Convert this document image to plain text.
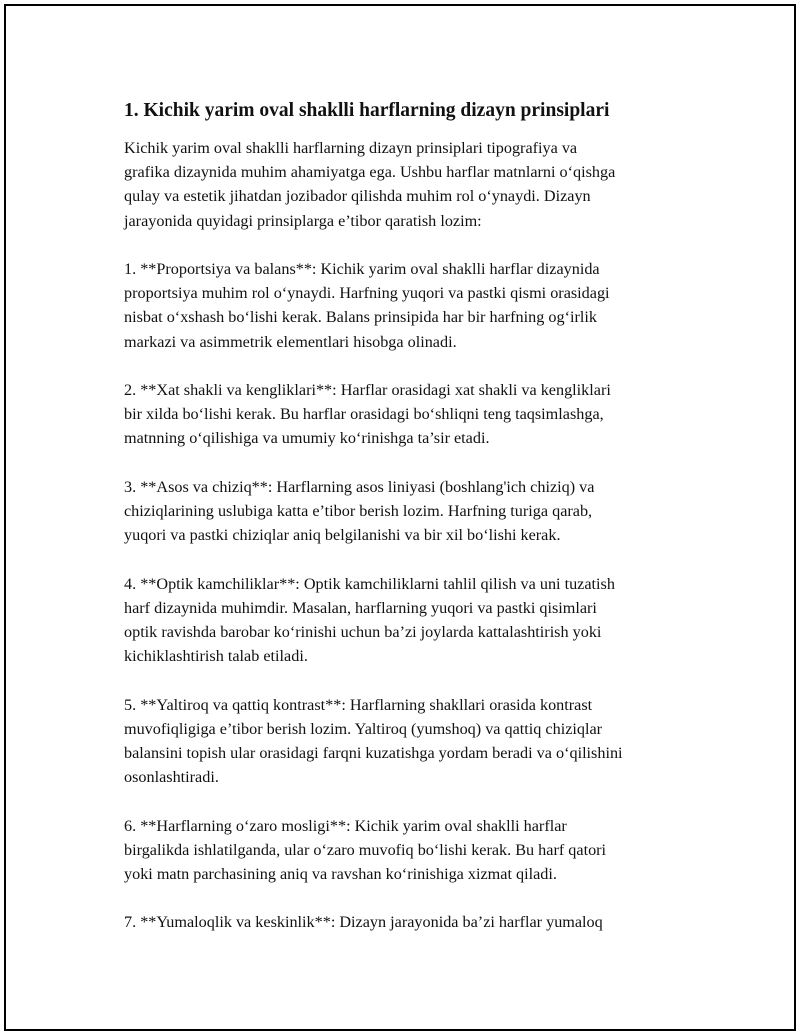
1. Kichik yarim oval shaklli harflarning dizayn prinsiplari

Kichik yarim oval shaklli harflarning dizayn prinsiplari tipografiya va
grafika dizaynida muhim ahamiyatga ega. Ushbu harflar matnlarni o‘qishga
qulay va estetik jihatdan jozibador qilishda muhim rol o‘ynaydi. Dizayn
jarayonida quyidagi prinsiplarga e’tibor qaratish lozim:

1. **Proportsiya va balans**: Kichik yarim oval shaklli harflar dizaynida
proportsiya muhim rol o‘ynaydi. Harfning yuqori va pastki qismi orasidagi
nisbat o‘xshash bo‘lishi kerak. Balans prinsipida har bir harfning og‘irlik
markazi va asimmetrik elementlari hisobga olinadi.

2. **Xat shakli va kengliklari**: Harflar orasidagi xat shakli va kengliklari
bir xilda bo‘lishi kerak. Bu harflar orasidagi bo‘shliqni teng taqsimlashga,
matnning o‘qilishiga va umumiy ko‘rinishga ta’sir etadi.

3. **Asos va chiziq**: Harflarning asos liniyasi (boshlang'ich chiziq) va
chiziqlarining uslubiga katta e’tibor berish lozim. Harfning turiga qarab,
yuqori va pastki chiziqlar aniq belgilanishi va bir xil bo‘lishi kerak.

4. **Optik kamchiliklar**: Optik kamchiliklarni tahlil qilish va uni tuzatish
harf dizaynida muhimdir. Masalan, harflarning yuqori va pastki qisimlari
optik ravishda barobar ko‘rinishi uchun ba’zi joylarda kattalashtirish yoki
kichiklashtirish talab etiladi.

5. **Yaltiroq va qattiq kontrast**: Harflarning shakllari orasida kontrast
muvofiqligiga e’tibor berish lozim. Yaltiroq (yumshoq) va qattiq chiziqlar
balansini topish ular orasidagi farqni kuzatishga yordam beradi va o‘qilishini
osonlashtiradi.

6. **Harflarning o‘zaro mosligi**: Kichik yarim oval shaklli harflar
birgalikda ishlatilganda, ular o‘zaro muvofiq bo‘lishi kerak. Bu harf qatori
yoki matn parchasining aniq va ravshan ko‘rinishiga xizmat qiladi.

7. **Yumaloqlik va keskinlik**: Dizayn jarayonida ba’zi harflar yumaloq
